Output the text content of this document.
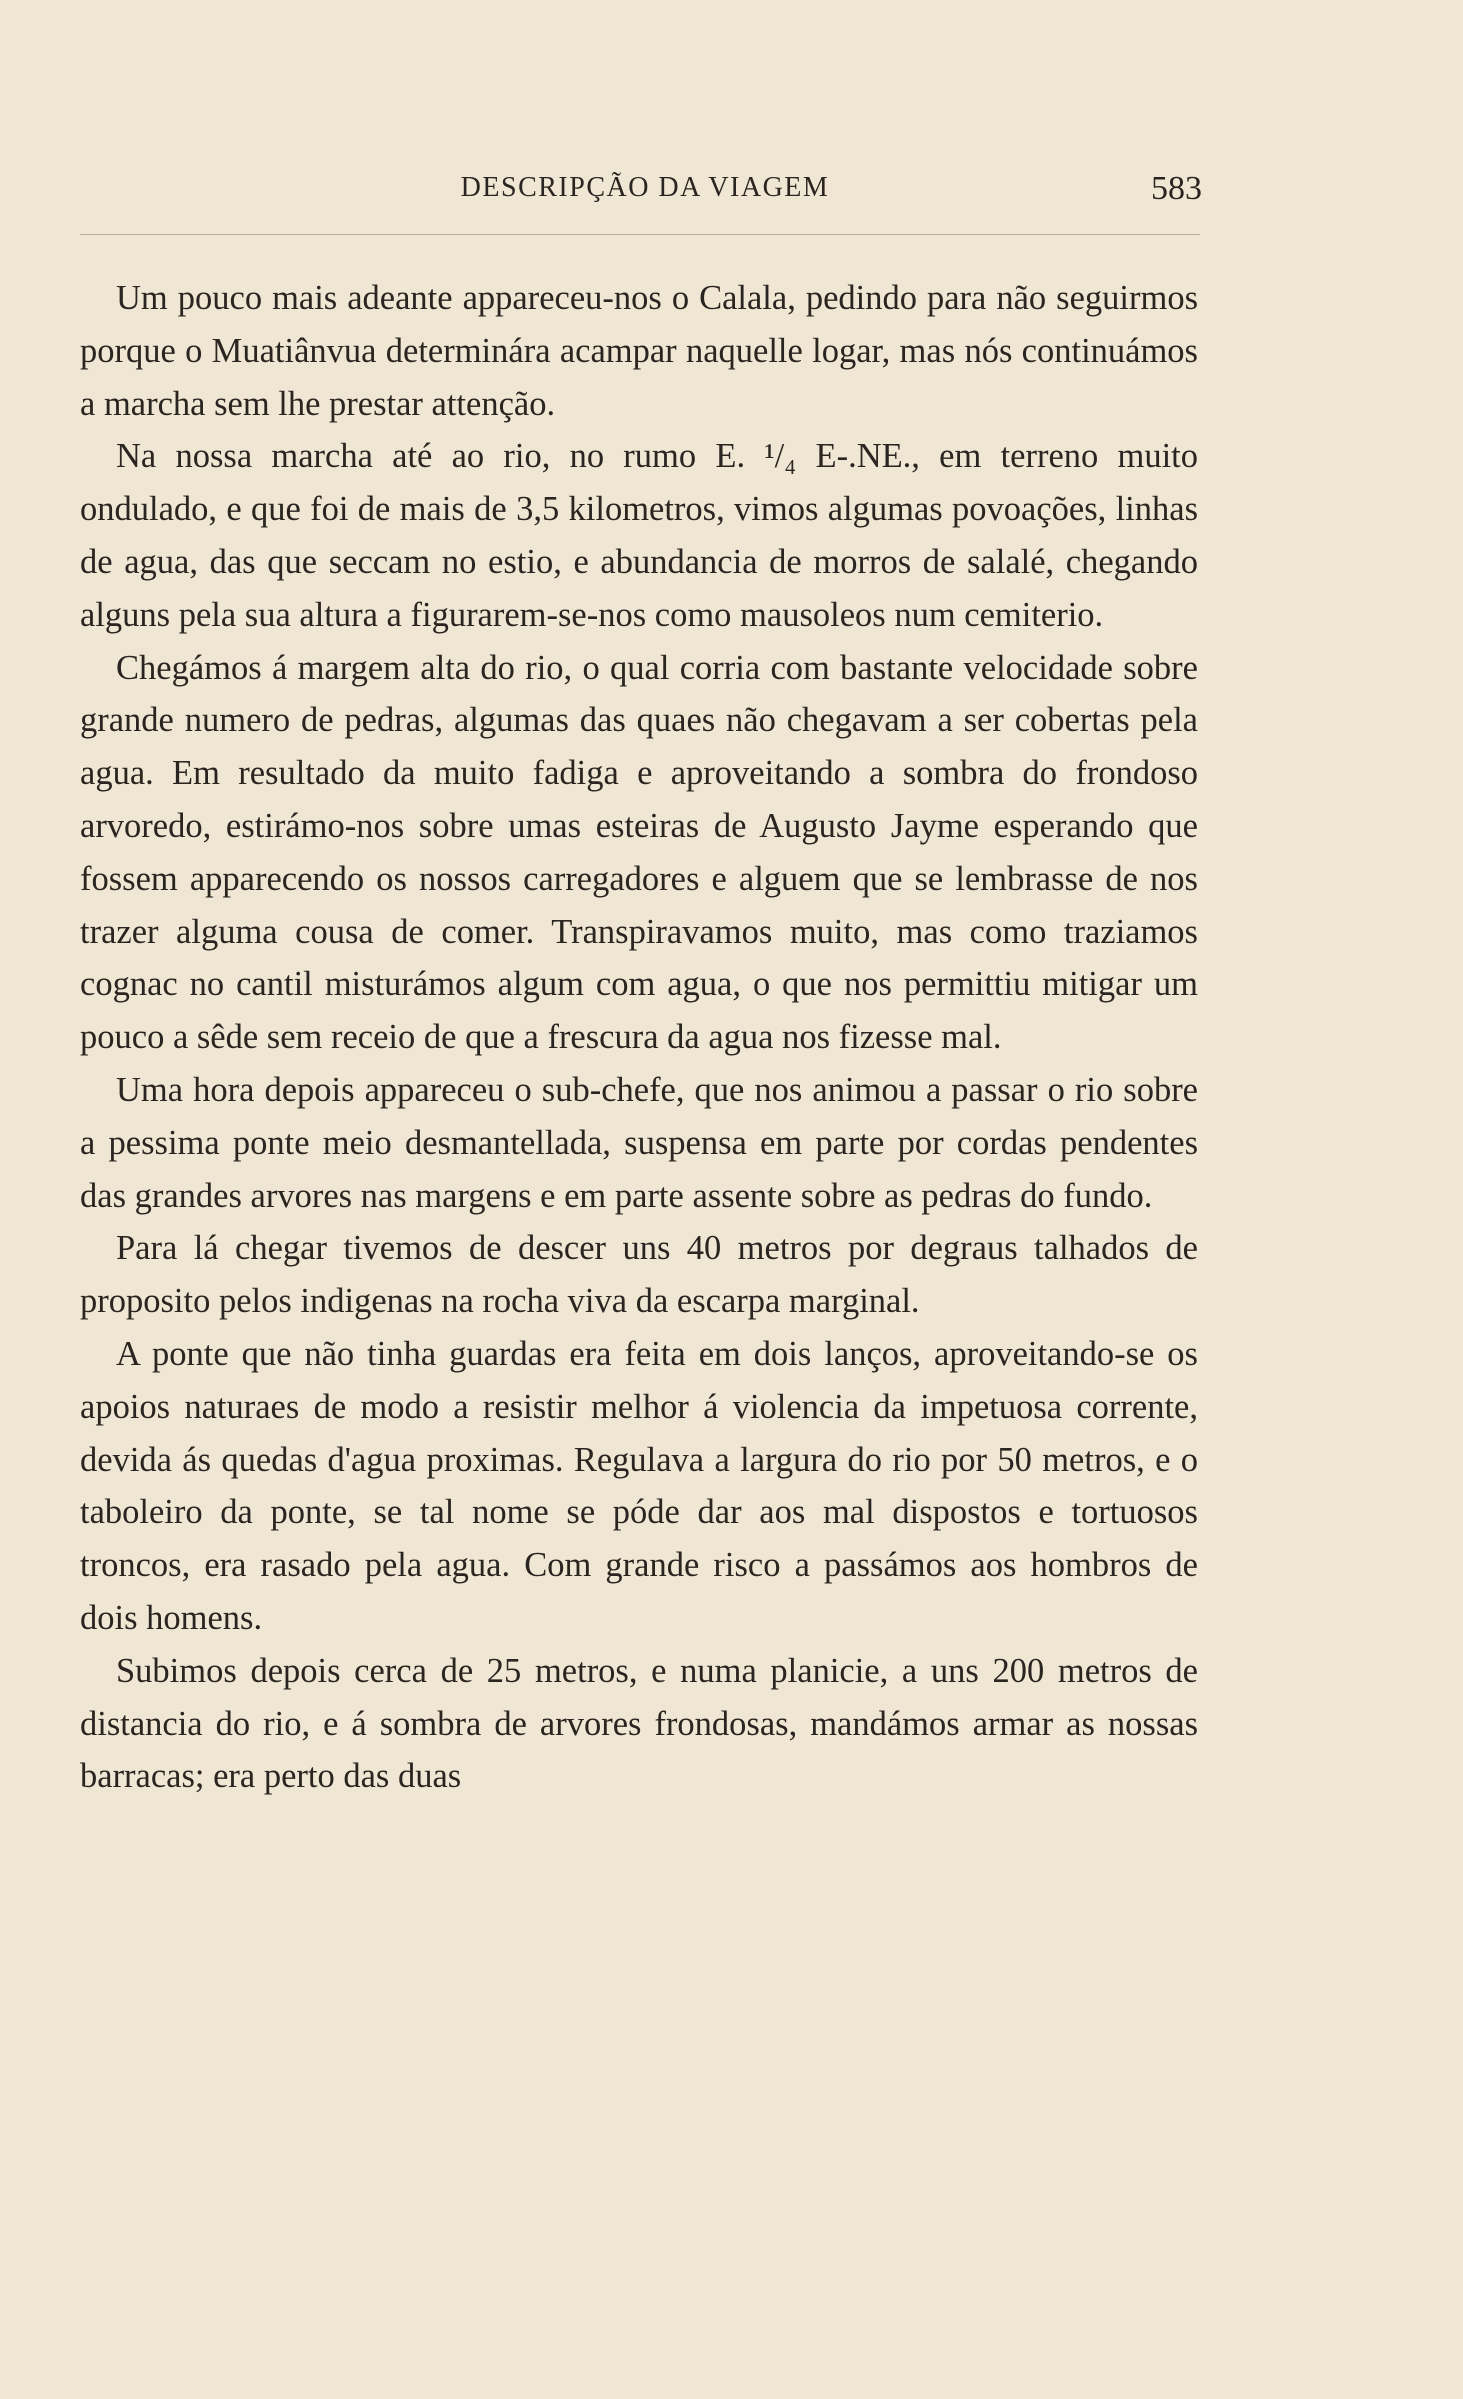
DESCRIPÇÃO DA VIAGEM	583

Um pouco mais adeante appareceu-nos o Calala, pedindo para não seguirmos porque o Muatiânvua determinára acampar naquelle logar, mas nós continuámos a marcha sem lhe prestar attenção.

Na nossa marcha até ao rio, no rumo E. ¹/₄ E-.NE., em terreno muito ondulado, e que foi de mais de 3,5 kilometros, vimos algumas povoações, linhas de agua, das que seccam no estio, e abundancia de morros de salalé, chegando alguns pela sua altura a figurarem-se-nos como mausoleos num cemiterio.

Chegámos á margem alta do rio, o qual corria com bastante velocidade sobre grande numero de pedras, algumas das quaes não chegavam a ser cobertas pela agua. Em resultado da muito fadiga e aproveitando a sombra do frondoso arvoredo, estirámo-nos sobre umas esteiras de Augusto Jayme esperando que fossem apparecendo os nossos carregadores e alguem que se lembrasse de nos trazer alguma cousa de comer. Transpiravamos muito, mas como traziamos cognac no cantil misturámos algum com agua, o que nos permittiu mitigar um pouco a sêde sem receio de que a frescura da agua nos fizesse mal.

Uma hora depois appareceu o sub-chefe, que nos animou a passar o rio sobre a pessima ponte meio desmantellada, suspensa em parte por cordas pendentes das grandes arvores nas margens e em parte assente sobre as pedras do fundo.

Para lá chegar tivemos de descer uns 40 metros por degraus talhados de proposito pelos indigenas na rocha viva da escarpa marginal.

A ponte que não tinha guardas era feita em dois lanços, aproveitando-se os apoios naturaes de modo a resistir melhor á violencia da impetuosa corrente, devida ás quedas d'agua proximas. Regulava a largura do rio por 50 metros, e o taboleiro da ponte, se tal nome se póde dar aos mal dispostos e tortuosos troncos, era rasado pela agua. Com grande risco a passámos aos hombros de dois homens.

Subimos depois cerca de 25 metros, e numa planicie, a uns 200 metros de distancia do rio, e á sombra de arvores frondosas, mandámos armar as nossas barracas; era perto das duas
